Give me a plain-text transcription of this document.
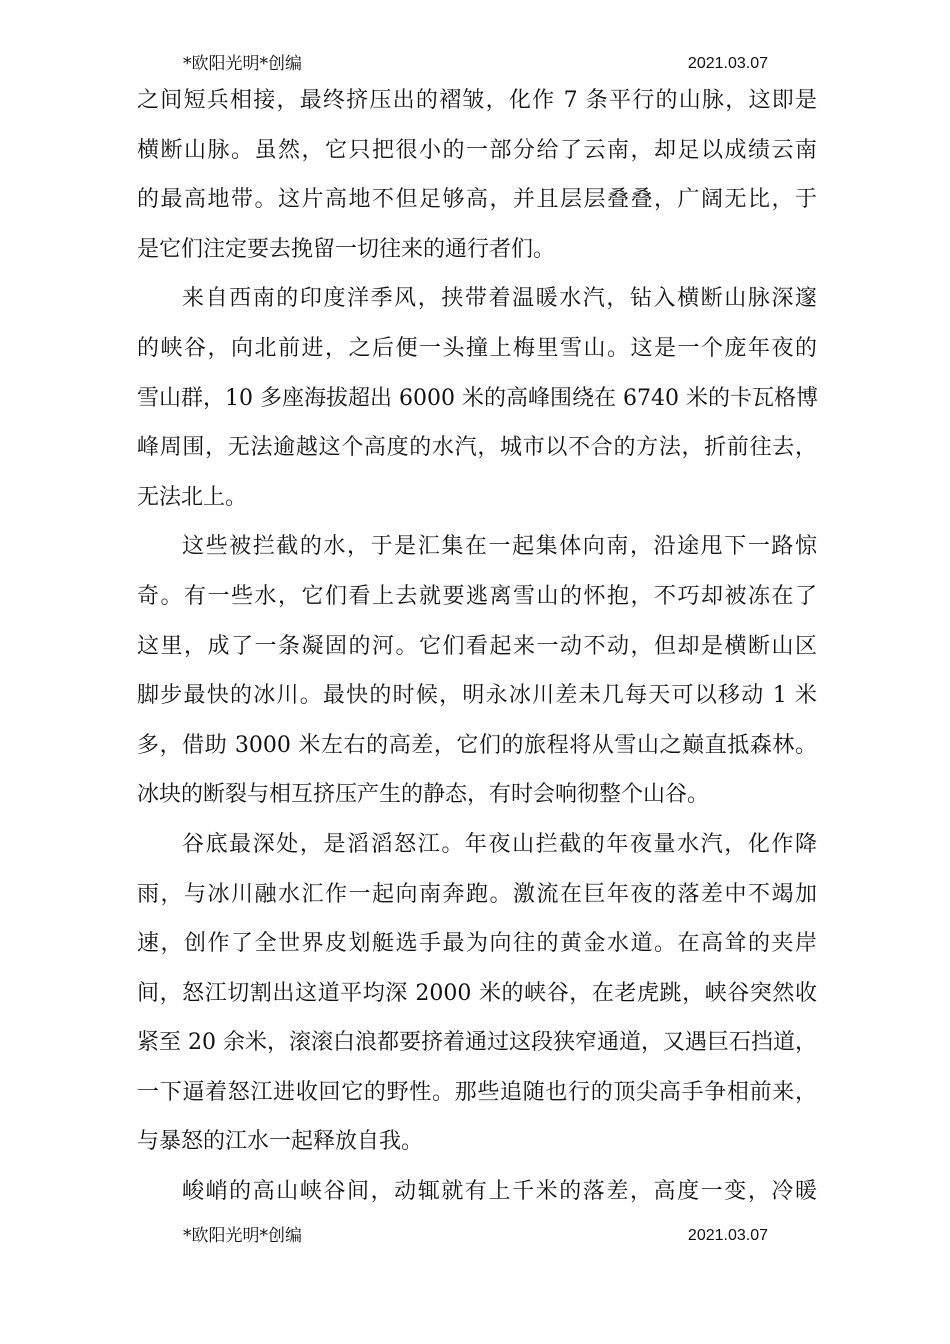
*欧阳光明*创编	2021.03.07
之间短兵相接，最终挤压出的褶皱，化作 7 条平行的山脉，这即是
横断山脉。虽然，它只把很小的一部分给了云南，却足以成绩云南
的最高地带。这片高地不但足够高，并且层层叠叠，广阔无比，于
是它们注定要去挽留一切往来的通行者们。
来自西南的印度洋季风，挟带着温暖水汽，钻入横断山脉深邃
的峡谷，向北前进，之后便一头撞上梅里雪山。这是一个庞年夜的
雪山群，10 多座海拔超出 6000 米的高峰围绕在 6740 米的卡瓦格博
峰周围，无法逾越这个高度的水汽，城市以不合的方法，折前往去，
无法北上。
这些被拦截的水，于是汇集在一起集体向南，沿途甩下一路惊
奇。有一些水，它们看上去就要逃离雪山的怀抱，不巧却被冻在了
这里，成了一条凝固的河。它们看起来一动不动，但却是横断山区
脚步最快的冰川。最快的时候，明永冰川差未几每天可以移动 1 米
多，借助 3000 米左右的高差，它们的旅程将从雪山之巅直抵森林。
冰块的断裂与相互挤压产生的静态，有时会响彻整个山谷。
谷底最深处，是滔滔怒江。年夜山拦截的年夜量水汽，化作降
雨，与冰川融水汇作一起向南奔跑。激流在巨年夜的落差中不竭加
速，创作了全世界皮划艇选手最为向往的黄金水道。在高耸的夹岸
间，怒江切割出这道平均深 2000 米的峡谷，在老虎跳，峡谷突然收
紧至 20 余米，滚滚白浪都要挤着通过这段狭窄通道，又遇巨石挡道，
一下逼着怒江进收回它的野性。那些追随也行的顶尖高手争相前来，
与暴怒的江水一起释放自我。
峻峭的高山峡谷间，动辄就有上千米的落差，高度一变，冷暖
*欧阳光明*创编	2021.03.07
